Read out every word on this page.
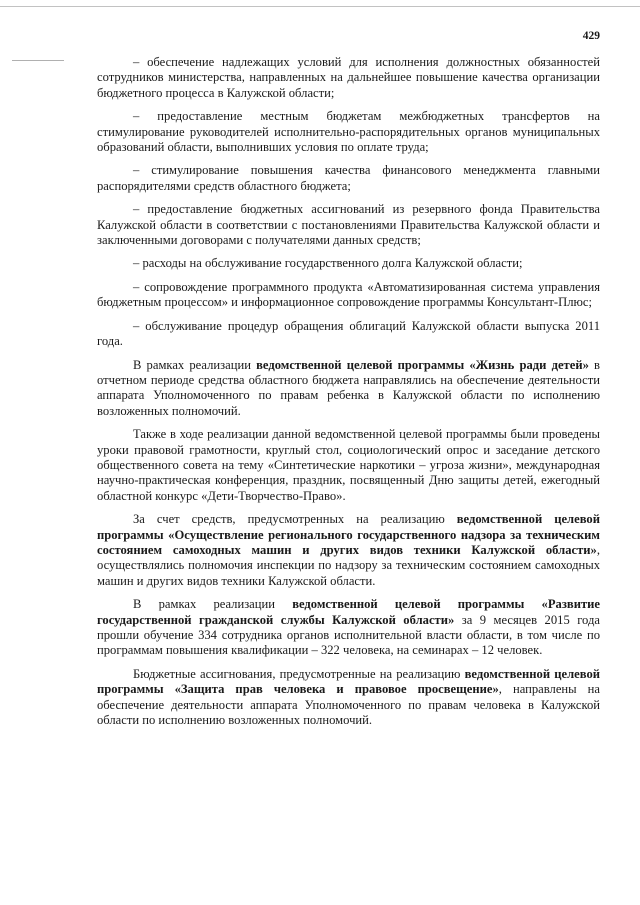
429

– обеспечение надлежащих условий для исполнения должностных обязанностей сотрудников министерства, направленных на дальнейшее повышение качества организации бюджетного процесса в Калужской области;

– предоставление местным бюджетам межбюджетных трансфертов на стимулирование руководителей исполнительно-распорядительных органов муниципальных образований области, выполнивших условия по оплате труда;

– стимулирование повышения качества финансового менеджмента главными распорядителями средств областного бюджета;

– предоставление бюджетных ассигнований из резервного фонда Правительства Калужской области в соответствии с постановлениями Правительства Калужской области и заключенными договорами с получателями данных средств;

– расходы на обслуживание государственного долга Калужской области;

– сопровождение программного продукта «Автоматизированная система управления бюджетным процессом» и информационное сопровождение программы Консультант-Плюс;

– обслуживание процедур обращения облигаций Калужской области выпуска 2011 года.

В рамках реализации ведомственной целевой программы «Жизнь ради детей» в отчетном периоде средства областного бюджета направлялись на обеспечение деятельности аппарата Уполномоченного по правам ребенка в Калужской области по исполнению возложенных полномочий.

Также в ходе реализации данной ведомственной целевой программы были проведены уроки правовой грамотности, круглый стол, социологический опрос и заседание детского общественного совета на тему «Синтетические наркотики – угроза жизни», международная научно-практическая конференция, праздник, посвященный Дню защиты детей, ежегодный областной конкурс «Дети-Творчество-Право».

За счет средств, предусмотренных на реализацию ведомственной целевой программы «Осуществление регионального государственного надзора за техническим состоянием самоходных машин и других видов техники Калужской области», осуществлялись полномочия инспекции по надзору за техническим состоянием самоходных машин и других видов техники Калужской области.

В рамках реализации ведомственной целевой программы «Развитие государственной гражданской службы Калужской области» за 9 месяцев 2015 года прошли обучение 334 сотрудника органов исполнительной власти области, в том числе по программам повышения квалификации – 322 человека, на семинарах – 12 человек.

Бюджетные ассигнования, предусмотренные на реализацию ведомственной целевой программы «Защита прав человека и правовое просвещение», направлены на обеспечение деятельности аппарата Уполномоченного по правам человека в Калужской области по исполнению возложенных полномочий.
